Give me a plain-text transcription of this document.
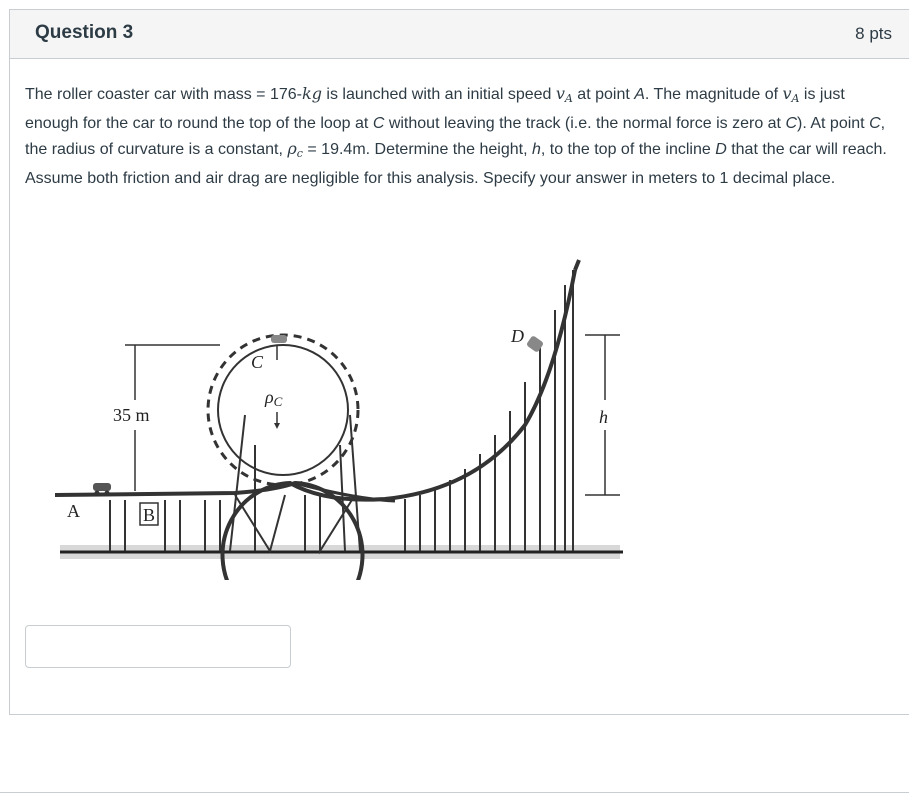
Question 3	8 pts
The roller coaster car with mass = 176-kg is launched with an initial speed $v_A$ at point A. The magnitude of $v_A$ is just enough for the car to round the top of the loop at C without leaving the track (i.e. the normal force is zero at C). At point C, the radius of curvature is a constant, $\rho_c = 19.4m$. Determine the height, h, to the top of the incline D that the car will reach. Assume both friction and air drag are negligible for this analysis. Specify your answer in meters to 1 decimal place.
35 m	h
A	B
C
D
ρC
